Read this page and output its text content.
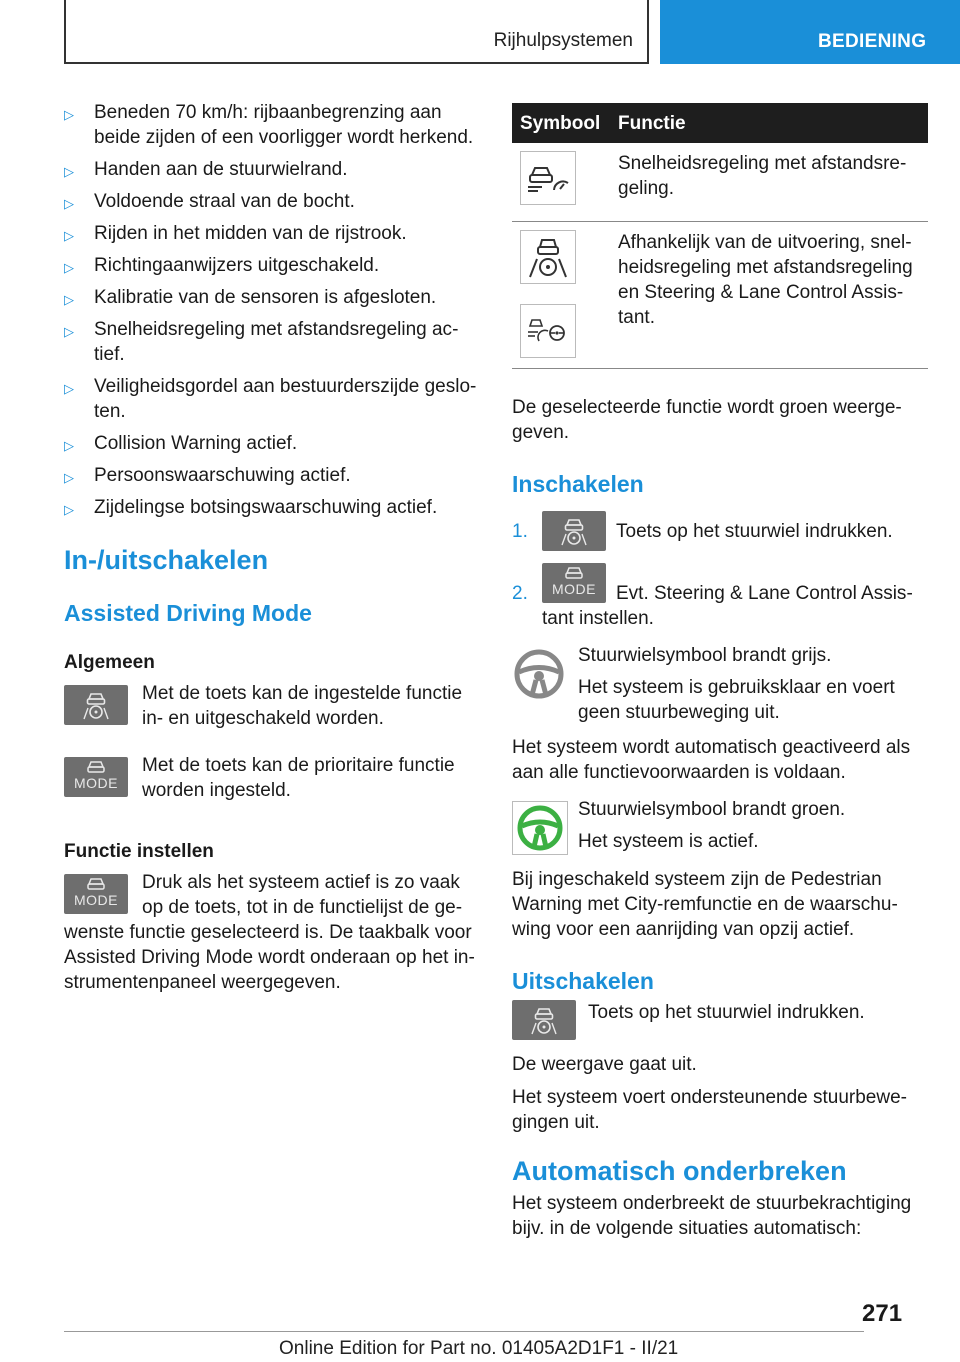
Rijhulpsystemen	BEDIENING
▷ Beneden 70 km/h: rijbaanbegrenzing aan beide zijden of een voorligger wordt herkend.
▷ Handen aan de stuurwielrand.
▷ Voldoende straal van de bocht.
▷ Rijden in het midden van de rijstrook.
▷ Richtingaanwijzers uitgeschakeld.
▷ Kalibratie van de sensoren is afgesloten.
▷ Snelheidsregeling met afstandsregeling actief.
▷ Veiligheidsgordel aan bestuurderszijde gesloten.
▷ Collision Warning actief.
▷ Persoonswaarschuwing actief.
▷ Zijdelingse botsingswaarschuwing actief.
In-/uitschakelen
Assisted Driving Mode
Algemeen
Met de toets kan de ingestelde functie in- en uitgeschakeld worden.
MODE
Met de toets kan de prioritaire functie worden ingesteld.
Functie instellen
MODE
Druk als het systeem actief is zo vaak op de toets, tot in de functielijst de gewenste functie geselecteerd is. De taakbalk voor Assisted Driving Mode wordt onderaan op het instrumentenpaneel weergegeven.
Symbool	Functie

	Snelheidsregeling met afstandsregeling.

	Afhankelijk van de uitvoering, snelheidsregeling met afstandsregeling en Steering & Lane Control Assistant.

De geselecteerde functie wordt groen weergegeven.

Inschakelen
1.	Toets op het stuurwiel indrukken.
2. MODE	Evt. Steering & Lane Control Assistant instellen.

Stuurwielsymbool brandt grijs.

Het systeem is gebruiksklaar en voert geen stuurbeweging uit.

Het systeem wordt automatisch geactiveerd als aan alle functievoorwaarden is voldaan.

Stuurwielsymbool brandt groen.

Het systeem is actief.

Bij ingeschakeld systeem zijn de Pedestrian Warning met City-remfunctie en de waarschuwing voor een aanrijding van opzij actief.

Uitschakelen
Toets op het stuurwiel indrukken.

De weergave gaat uit.

Het systeem voert ondersteunende stuurbewegingen uit.

Automatisch onderbreken

Het systeem onderbreekt de stuurbekrachtiging bijv. in de volgende situaties automatisch:

271
Online Edition for Part no. 01405A2D1F1 - II/21
